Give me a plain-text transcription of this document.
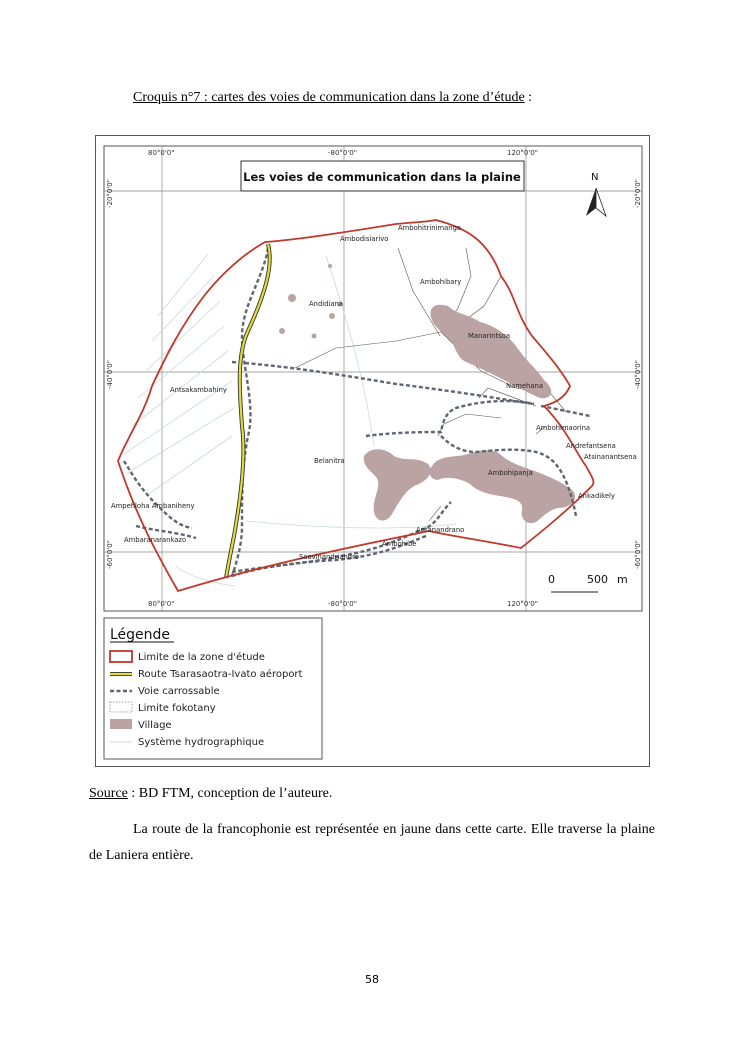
Croquis n°7 : cartes des voies de communication dans la zone d’étude :
80°0'0"	-80°0'0"	120°0'0"
80°0'0"	-80°0'0"	120°0'0"
-20°0'0"
-40°0'0"
-60°0'0"
-20°0'0"
-40°0'0"
-60°0'0"
Les voies de communication dans la plaine	N
Ambohitrinimanga
Ambodisiarivo
Ambohibary
Andidiana
Manarintsoa
Antsakambahiny	Namehana
Ambohimaorina
Andrefantsena
Atsinanantsena
Belanitra
Ambohipanja
Ankadikely
Ampefiloha Ambaniheny
Ambaranarankazo
Antanandrano
Ambohibe
Soavinandriandro
0	500 m
Légende
Limite de la zone d'étude
Route Tsarasaotra-Ivato aéroport
Voie carrossable
Limite fokotany
Village
Système hydrographique
Source : BD FTM, conception de l’auteure.
La route de la francophonie est représentée en jaune dans cette carte. Elle traverse la plaine de Laniera entière.
58
